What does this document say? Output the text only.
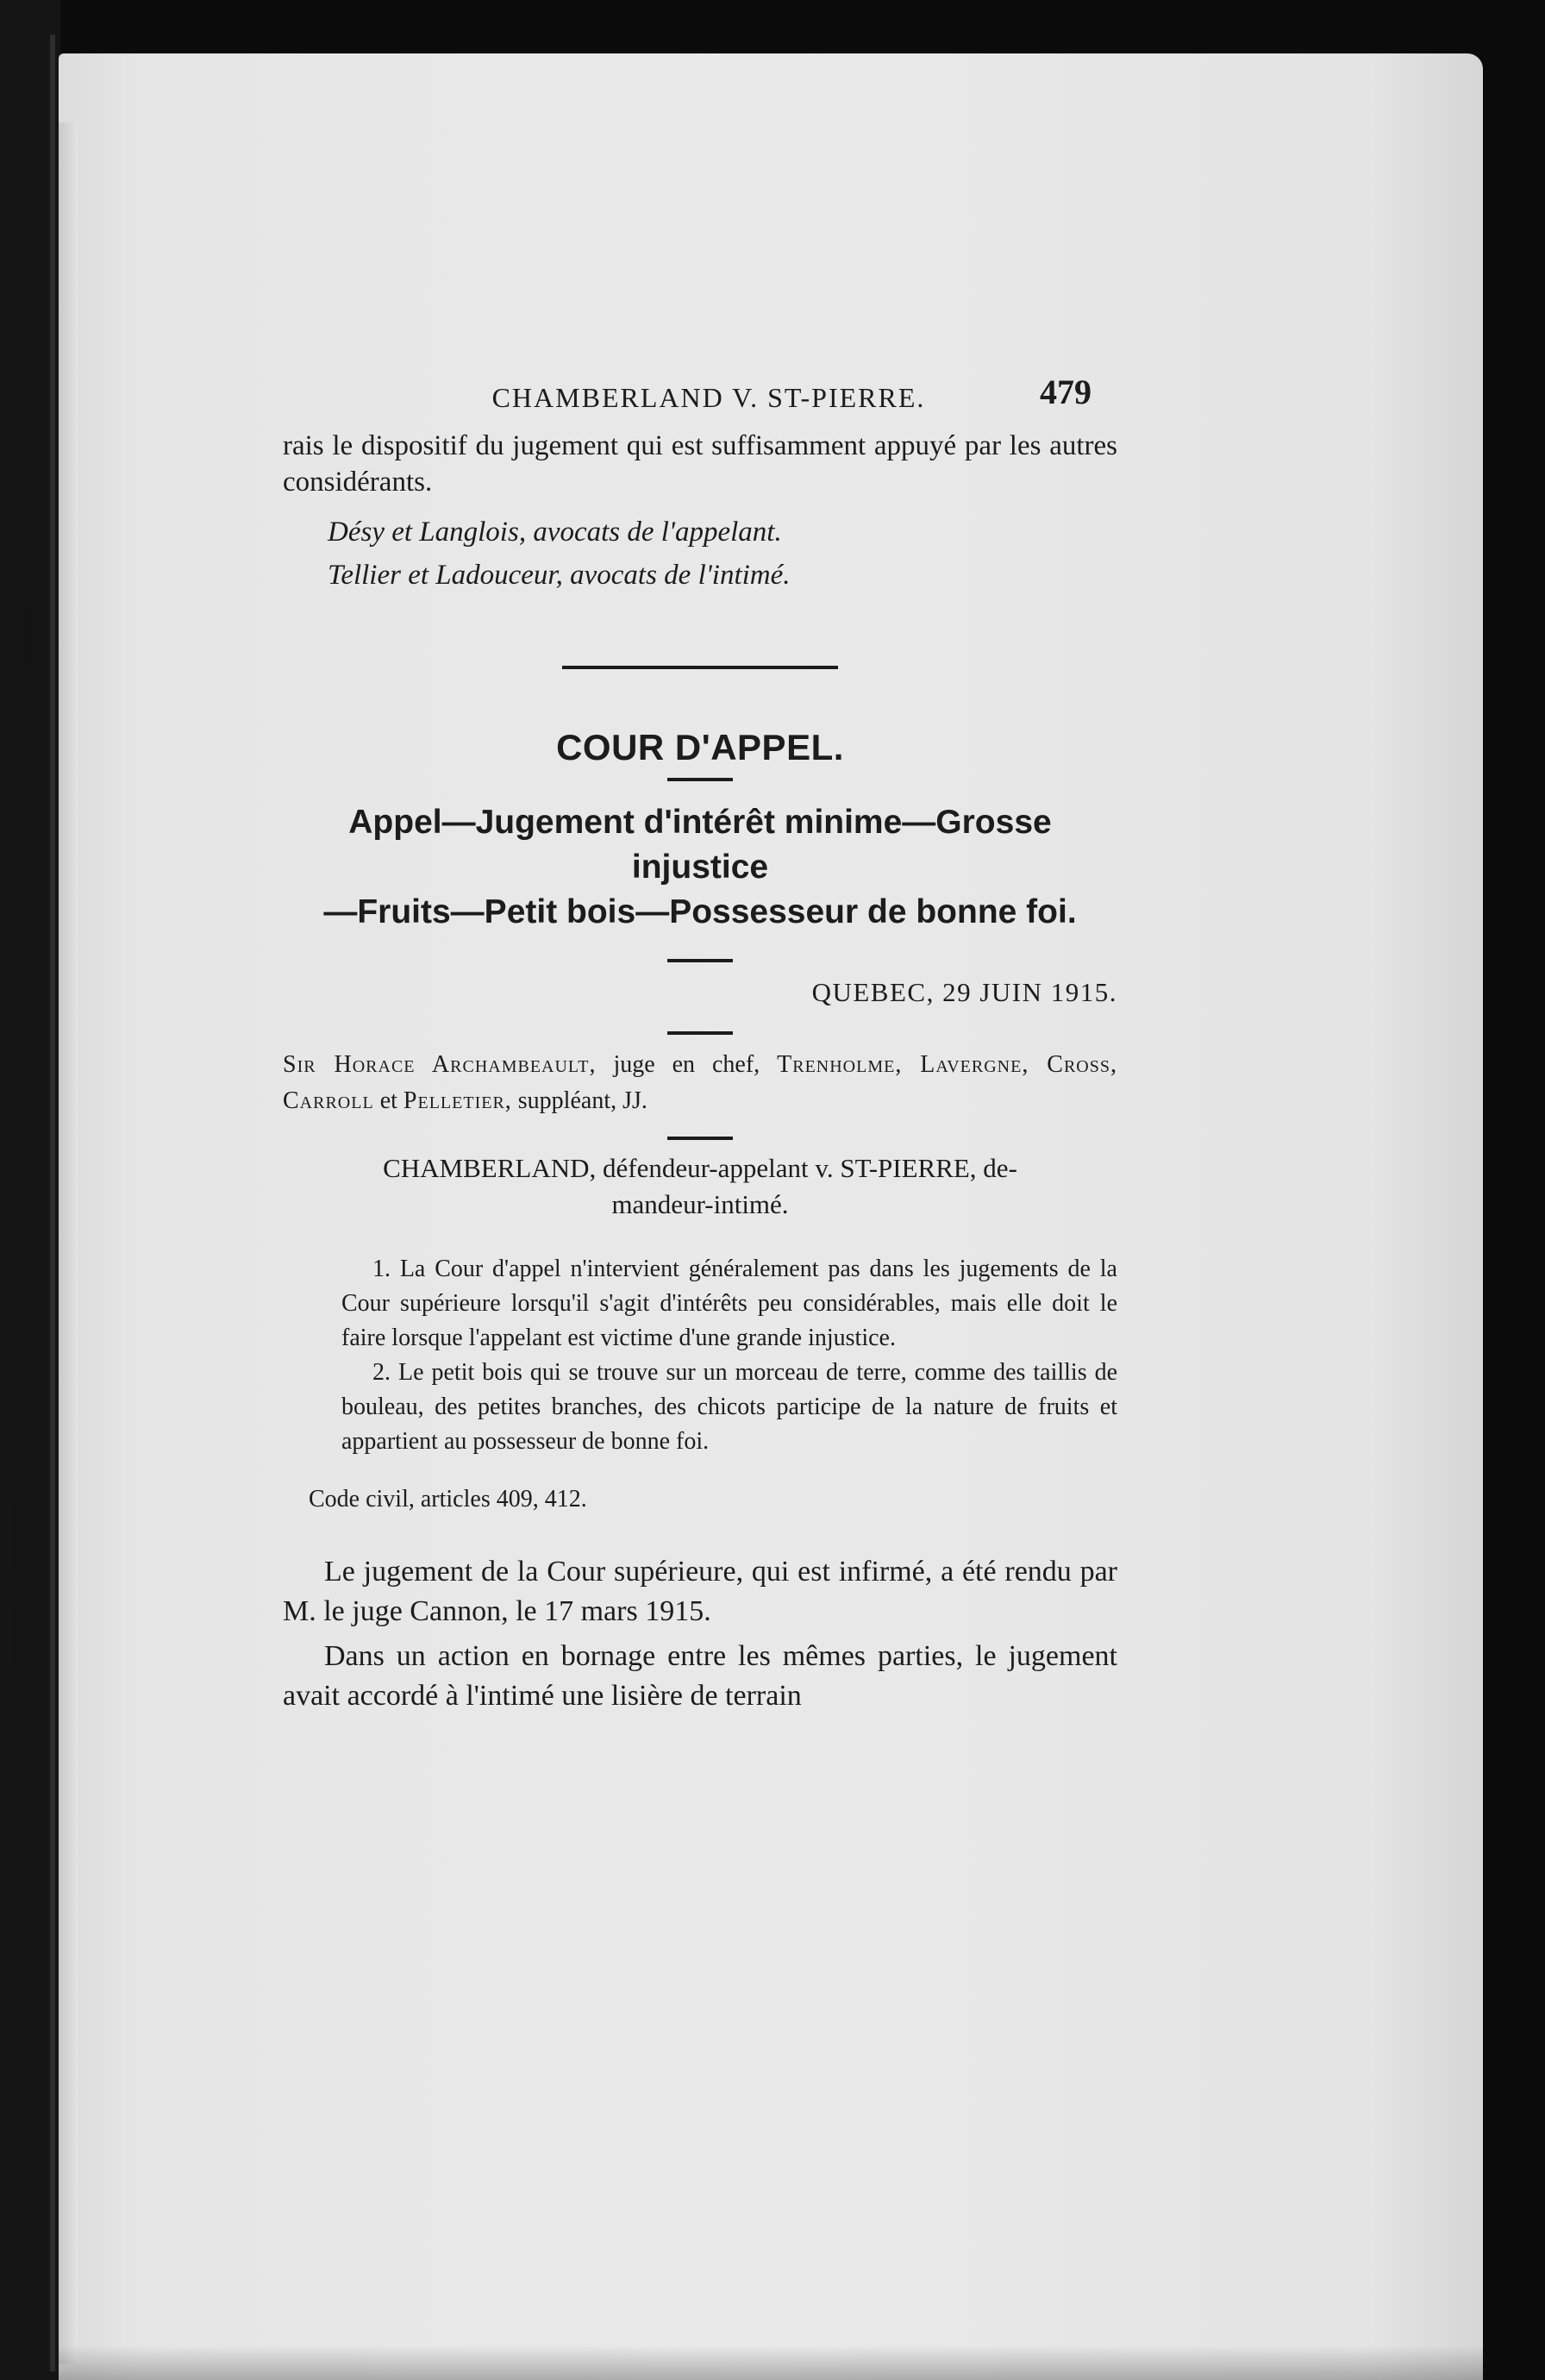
CHAMBERLAND V. ST-PIERRE.	479

rais le dispositif du jugement qui est suffisamment appuyé par les autres considérants.

Désy et Langlois, avocats de l'appelant.

Tellier et Ladouceur, avocats de l'intimé.

COUR D'APPEL.
Appel—Jugement d'intérêt minime—Grosse injustice
—Fruits—Petit bois—Possesseur de bonne foi.
QUEBEC, 29 JUIN 1915.
Sir Horace Archambeault, juge en chef, Trenholme, Lavergne, Cross, Carroll et Pelletier, suppléant, JJ.
CHAMBERLAND, défendeur-appelant v. ST-PIERRE, de-
mandeur-intimé.

1. La Cour d'appel n'intervient généralement pas dans les jugements de la Cour supérieure lorsqu'il s'agit d'intérêts peu considérables, mais elle doit le faire lorsque l'appelant est victime d'une grande injustice.

2. Le petit bois qui se trouve sur un morceau de terre, comme des taillis de bouleau, des petites branches, des chicots participe de la nature de fruits et appartient au possesseur de bonne foi.

Code civil, articles 409, 412.

Le jugement de la Cour supérieure, qui est infirmé, a été rendu par M. le juge Cannon, le 17 mars 1915.

Dans un action en bornage entre les mêmes parties, le jugement avait accordé à l'intimé une lisière de terrain
